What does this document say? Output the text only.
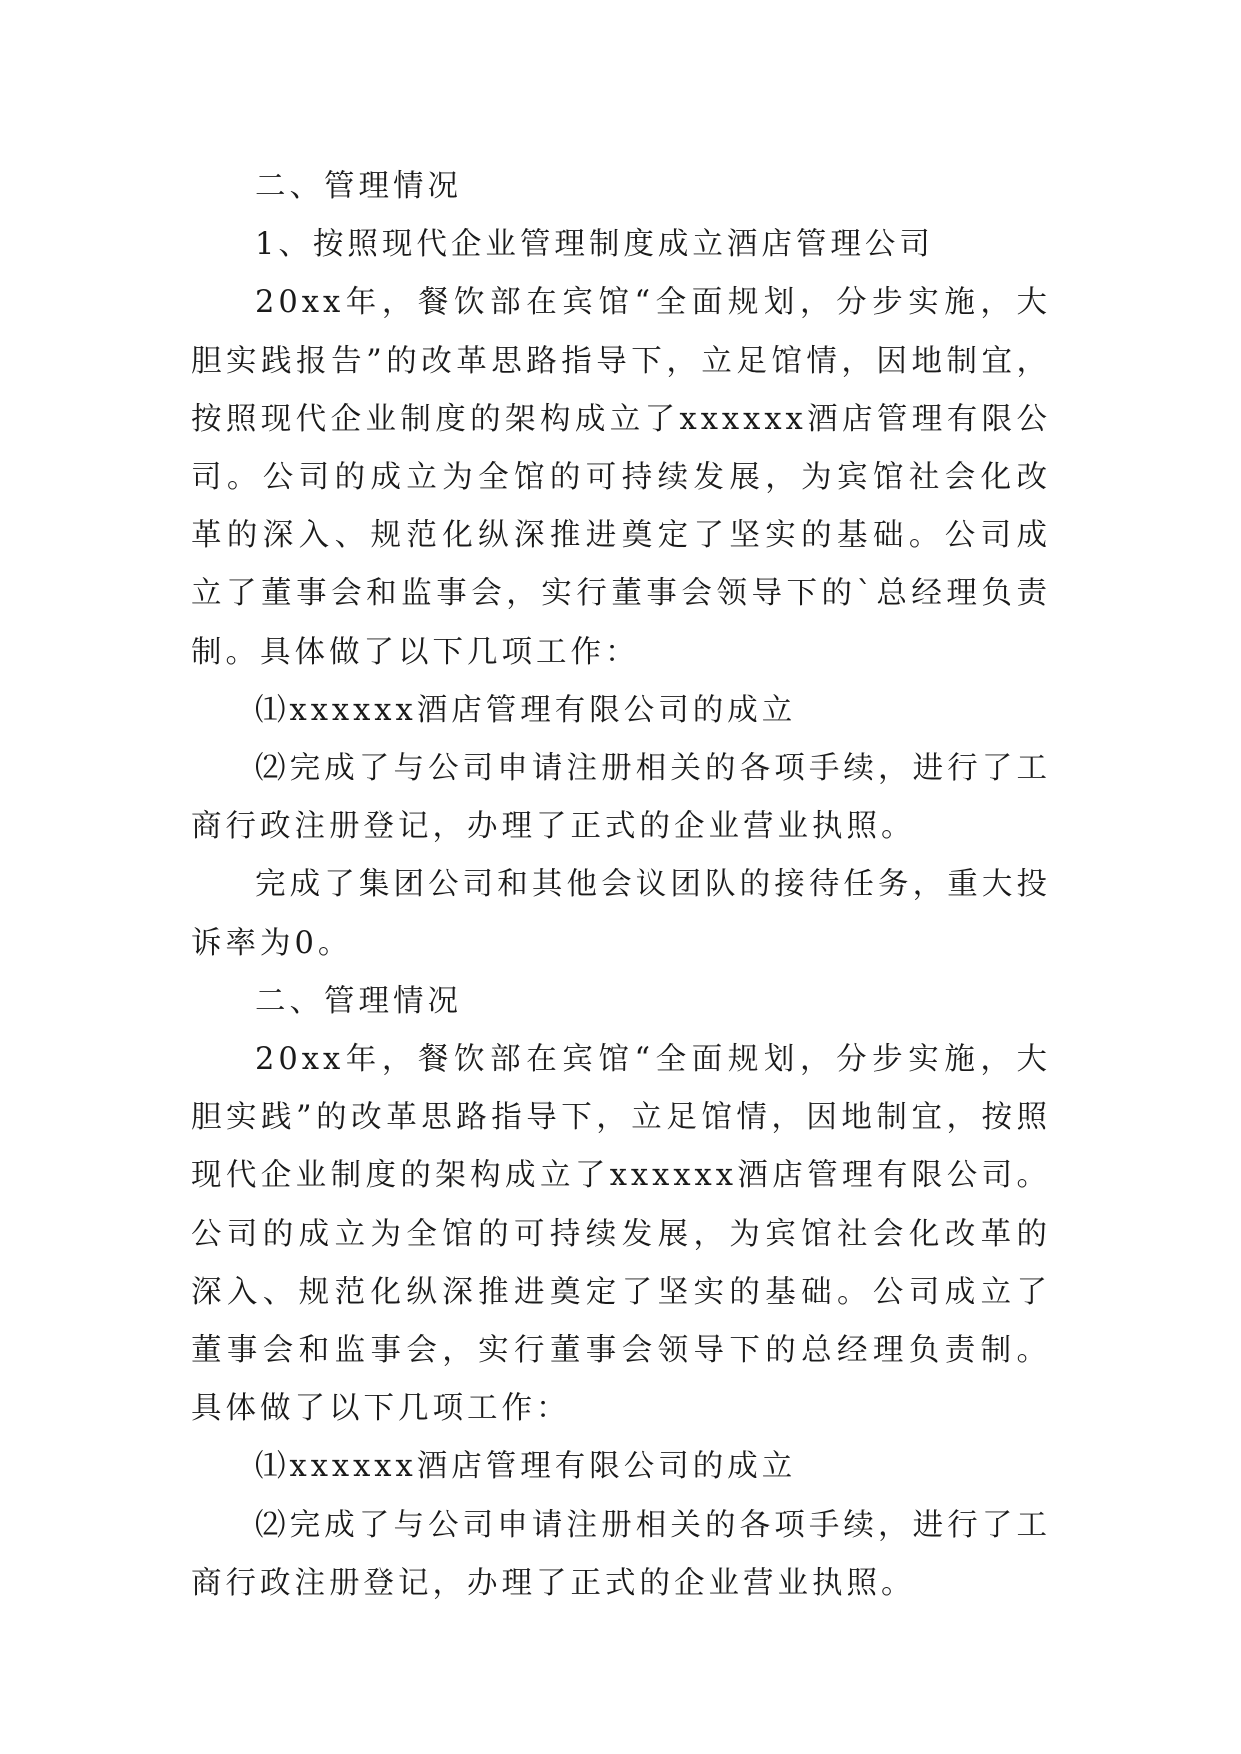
二、管理情况

1、按照现代企业管理制度成立酒店管理公司

20xx年，餐饮部在宾馆“全面规划，分步实施，大胆实践报告”的改革思路指导下，立足馆情，因地制宜，按照现代企业制度的架构成立了xxxxxx酒店管理有限公司。公司的成立为全馆的可持续发展，为宾馆社会化改革的深入、规范化纵深推进奠定了坚实的基础。公司成立了董事会和监事会，实行董事会领导下的`总经理负责制。具体做了以下几项工作：

⑴xxxxxx酒店管理有限公司的成立

⑵完成了与公司申请注册相关的各项手续，进行了工商行政注册登记，办理了正式的企业营业执照。

完成了集团公司和其他会议团队的接待任务，重大投诉率为0。

二、管理情况

20xx年，餐饮部在宾馆“全面规划，分步实施，大胆实践”的改革思路指导下，立足馆情，因地制宜，按照现代企业制度的架构成立了xxxxxx酒店管理有限公司。公司的成立为全馆的可持续发展，为宾馆社会化改革的深入、规范化纵深推进奠定了坚实的基础。公司成立了董事会和监事会，实行董事会领导下的总经理负责制。具体做了以下几项工作：

⑴xxxxxx酒店管理有限公司的成立

⑵完成了与公司申请注册相关的各项手续，进行了工商行政注册登记，办理了正式的企业营业执照。
